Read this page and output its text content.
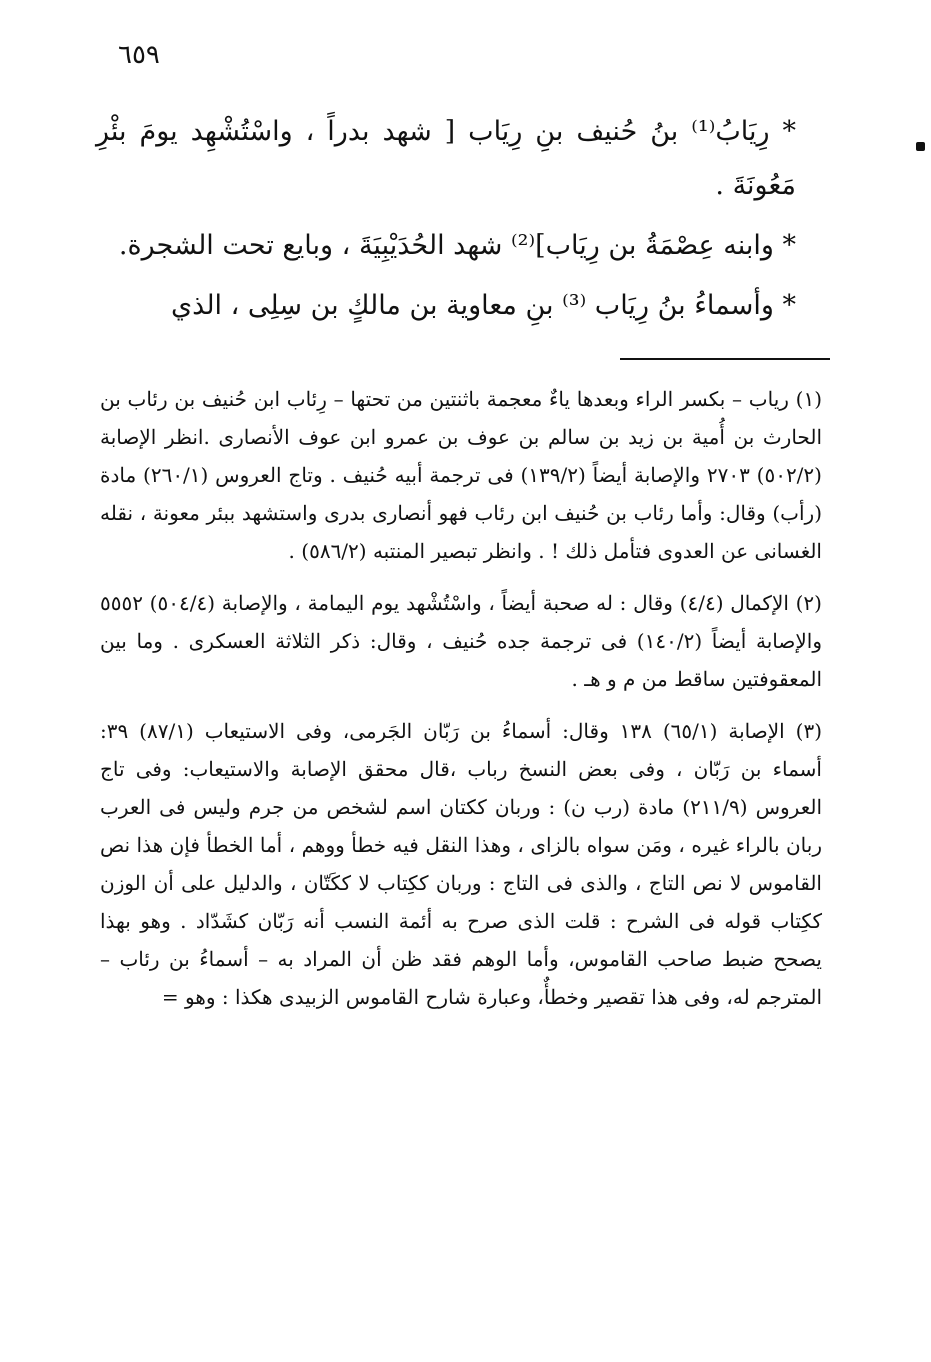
٦٥٩

* رِيَابُ⁽¹⁾ بنُ حُنيف بنِ رِيَاب [ شهد بدراً ، واسْتُشْهِد يومَ بئْرِ مَعُونَةَ .

* وابنه عِصْمَةُ بن رِيَاب]⁽²⁾ شهد الحُدَيْبِيَةَ ، وبايع تحت الشجرة.

* وأسماءُ بنُ رِيَاب ⁽³⁾ بنِ معاوية بن مالكٍ بن سِلِى ، الذي

(١) رياب – بكسر الراء وبعدها ياءٌ معجمة باثنتين من تحتها – رِئاب ابن حُنيف بن رئاب بن الحارث بن أُمية بن زيد بن سالم بن عوف بن عمرو ابن عوف الأنصارى .انظر الإصابة (٥٠٢/٢) ٢٧٠٣ والإصابة أيضاً (١٣٩/٢) فى ترجمة أبيه حُنيف . وتاج العروس (٢٦٠/١) مادة (رأب) وقال: وأما رئاب بن حُنيف ابن رئاب فهو أنصارى بدرى واستشهد ببئر معونة ، نقله الغسانى عن العدوى فتأمل ذلك ! . وانظر تبصير المنتبه (٥٨٦/٢) .

(٢) الإكمال (٤/٤) وقال : له صحبة أيضاً ، واسْتُشْهد يوم اليمامة ، والإصابة (٥٠٤/٤) ٥٥٥٢ والإصابة أيضاً (١٤٠/٢) فى ترجمة جده حُنيف ، وقال: ذكر الثلاثة العسكرى . وما بين المعقوفتين ساقط من م و هـ .

(٣) الإصابة (٦٥/١) ١٣٨ وقال: أسماءُ بن رَبّان الجَرمى، وفى الاستيعاب (٨٧/١) ٣٩: أسماء بن رَبّان ، وفى بعض النسخ رباب ،قال محقق الإصابة والاستيعاب: وفى تاج العروس (٢١١/٩) مادة (رب ن) : وربان ككتان اسم لشخص من جرم وليس فى العرب ربان بالراء غيره ، ومَن سواه بالزاى ، وهذا النقل فيه خطأ ووهم ، أما الخطأ فإن هذا نص القاموس لا نص التاج ، والذى فى التاج : وربان ككِتاب لا ككَتّان ، والدليل على أن الوزن ككِتاب قوله فى الشرح : قلت الذى صرح به أئمة النسب أنه رَبّان كشَدّاد . وهو بهذا يصحح ضبط صاحب القاموس، وأما الوهم فقد ظن أن المراد به – أسماءُ بن رئاب – المترجم له، وفى هذا تقصير وخطأٌ، وعبارة شارح القاموس الزبيدى هكذا : وهو =
